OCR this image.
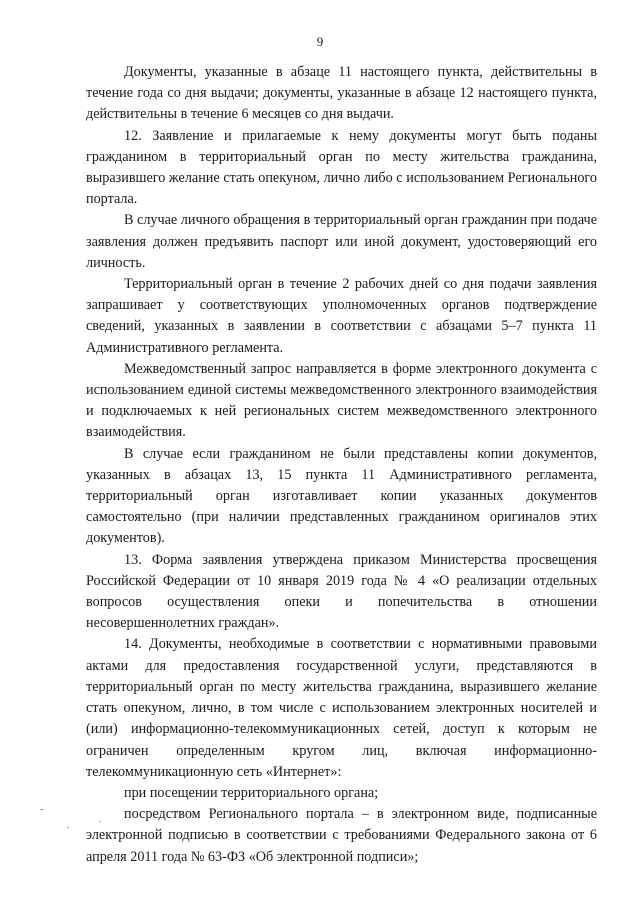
9

Документы, указанные в абзаце 11 настоящего пункта, действительны в течение года со дня выдачи; документы, указанные в абзаце 12 настоящего пункта, действительны в течение 6 месяцев со дня выдачи.

12. Заявление и прилагаемые к нему документы могут быть поданы гражданином в территориальный орган по месту жительства гражданина, выразившего желание стать опекуном, лично либо с использованием Регионального портала.

В случае личного обращения в территориальный орган гражданин при подаче заявления должен предъявить паспорт или иной документ, удостоверяющий его личность.

Территориальный орган в течение 2 рабочих дней со дня подачи заявления запрашивает у соответствующих уполномоченных органов подтверждение сведений, указанных в заявлении в соответствии с абзацами 5–7 пункта 11 Административного регламента.

Межведомственный запрос направляется в форме электронного документа с использованием единой системы межведомственного электронного взаимодействия и подключаемых к ней региональных систем межведомственного электронного взаимодействия.

В случае если гражданином не были представлены копии документов, указанных в абзацах 13, 15 пункта 11 Административного регламента, территориальный орган изготавливает копии указанных документов самостоятельно (при наличии представленных гражданином оригиналов этих документов).

13. Форма заявления утверждена приказом Министерства просвещения Российской Федерации от 10 января 2019 года № 4 «О реализации отдельных вопросов осуществления опеки и попечительства в отношении несовершеннолетних граждан».

14. Документы, необходимые в соответствии с нормативными правовыми актами для предоставления государственной услуги, представляются в территориальный орган по месту жительства гражданина, выразившего желание стать опекуном, лично, в том числе с использованием электронных носителей и (или) информационно-телекоммуникационных сетей, доступ к которым не ограничен определенным кругом лиц, включая информационно-телекоммуникационную сеть «Интернет»:

при посещении территориального органа;

посредством Регионального портала – в электронном виде, подписанные электронной подписью в соответствии с требованиями Федерального закона от 6 апреля 2011 года № 63-ФЗ «Об электронной подписи»;

-
·	·
